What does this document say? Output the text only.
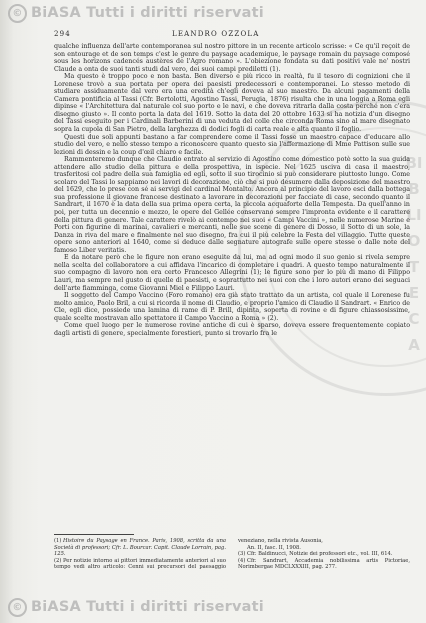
BIBLIOTECA
© BiASA Tutti i diritti riservati
294	LEANDRO OZZOLA

qualche influenza dell'arte contemporanea sul nostro pittore in un recente articolo scrisse: « Ce qu'il reçoit de son entourage et de son temps c'est le genre du paysage academique, le paysage romain du paysage composé sous les horizons cadencés austères de l'Agro romano ». L'obiezione fondata su dati positivi vale ne' nostri Claude a onta de suoi tanti studi dal vero, dei suoi campi prediletti (1).

Ma questo è troppo poco e non basta. Ben diverso e più ricco in realtà, fu il tesoro di cognizioni che il Lorenese trovò a sua portata per opera dei paesisti predecessori e contemporanei. Lo stesso metodo di studiare assiduamente dal vero era una eredità ch'egli doveva al suo maestro. Da alcuni pagamenti della Camera pontificia al Tassi (Cfr. Bertolotti, Agostino Tassi, Perugia, 1876) risulta che in una loggia a Roma egli dipinse « l'Architettura dal naturale col suo porto e le navi, e che doveva ritrarla dalla costa perché non c'era disegno giusto ». Il conto porta la data del 1619. Sotto la data del 20 ottobre 1633 si ha notizia d'un disegno del Tassi eseguito per i Cardinali Barberini di una veduta del colle che circonda Roma sino al mare disegnato sopra la cupola di San Pietro, della larghezza di dodici fogli di carta reale e alta quanto il foglio.

Questi due soli appunti bastano a far comprendere come il Tassi fosse un maestro capace d'educare allo studio del vero, e nello stesso tempo a riconoscere quanto questo sia l'affermazione di Mme Pattison sulle sue lezioni di dessin e la coup d'œil chiaro e facile.

Rammenteremo dunque che Claudio entrato al servizio di Agostino come domestico potè sotto la sua guida attendere allo studio della pittura e della prospettiva, in ispecie. Nel 1625 usciva di casa il maestro, trasferitosi col padre della sua famiglia ed egli, sotto il suo tirocinio si può considerare piuttosto lungo. Come scolaro del Tassi lo sappiamo nei lavori di decorazione, ciò che si può desumere dalla deposizione del maestro del 1629, che lo prese con sé ai servigi del cardinal Montalto. Ancora al principio del lavoro escì dalla bottega sua professione il giovane francese destinato a lavorare in decorazioni per facciate di case, secondo quanto il Sandrart, il 1670 è la data della sua prima opera certa, la piccola acquaforte della Tempesta. Da quell'anno in poi, per tutta un decennio e mezzo, le opere del Gellée conservano sempre l'impronta evidente e il carattere della pittura di genere. Tale carattere rivelò ai contempo nei suoi « Campi Vaccini », nelle numerose Marine e Porti con figurine di marinai, cavalieri e mercanti, nelle sue scene di genere di Dosso, il Sotto di un sole, la Danza in riva del mare e finalmente nel suo disegno, fra cui il più celebre la Festa del villaggio. Tutte queste opere sono anteriori al 1640, come si deduce dalle segnature autografe sulle opere stesse o dalle note del famoso Liber veritatis.

E da notare però che le figure non erano eseguite da lui, ma ad ogni modo il suo genio si rivela sempre nella scelta del collaboratore a cui affidava l'incarico di completare i quadri. A questo tempo naturalmente il suo compagno di lavoro non era certo Francesco Allegrini (1); le figure sono per lo più di mano di Filippo Lauri, ma sempre nel gusto di quelle di paesisti, e soprattutto nei suoi con che i loro autori erano dei seguaci dell'arte fiamminga, come Giovanni Miel e Filippo Lauri.

Il soggetto del Campo Vaccino (Foro romano) era già stato trattato da un artista, col quale il Lorenese fu molto amico, Paolo Bril, a cui si ricorda il nome di Claudio, e proprio l'amico di Claudio il Sandrart. « Enrico de Cle, egli dice, possiede una lamina di rame di P. Brill, dipinta, soperta di rovine e di figure chiassosissime, quale scelte mostravan allo spettatore il Campo Vaccino a Roma » (2).

Come quel luogo per le numerose rovine antiche di cui è sparso, doveva essere frequentemente copiato dagli artisti di genere, specialmente forestieri, punto si trovarlo fra le

(1) Histoire du Paysage en France. Paris, 1908, scritta da una Società di professori; Cfr. L. Bourcar. Capit. Claude Lorrain, pag. 125.
(2) Per notizie intorno ai pittori immediatamente anteriori al suo tempo vedi altro articolo: Cenni sui precursori del paesaggio veneziano, nella rivista Ausonia,
An. II, fasc. II, 1908.
(3) Cfr. Baldinucci, Notizie dei professori etc., vol. III, 614.
(4) Cfr. Sandrart, Accademia nobilissima artis Pictoriae, Norimbergae MDCLXXXIII, pag. 277.
© BiASA Tutti i diritti riservati
